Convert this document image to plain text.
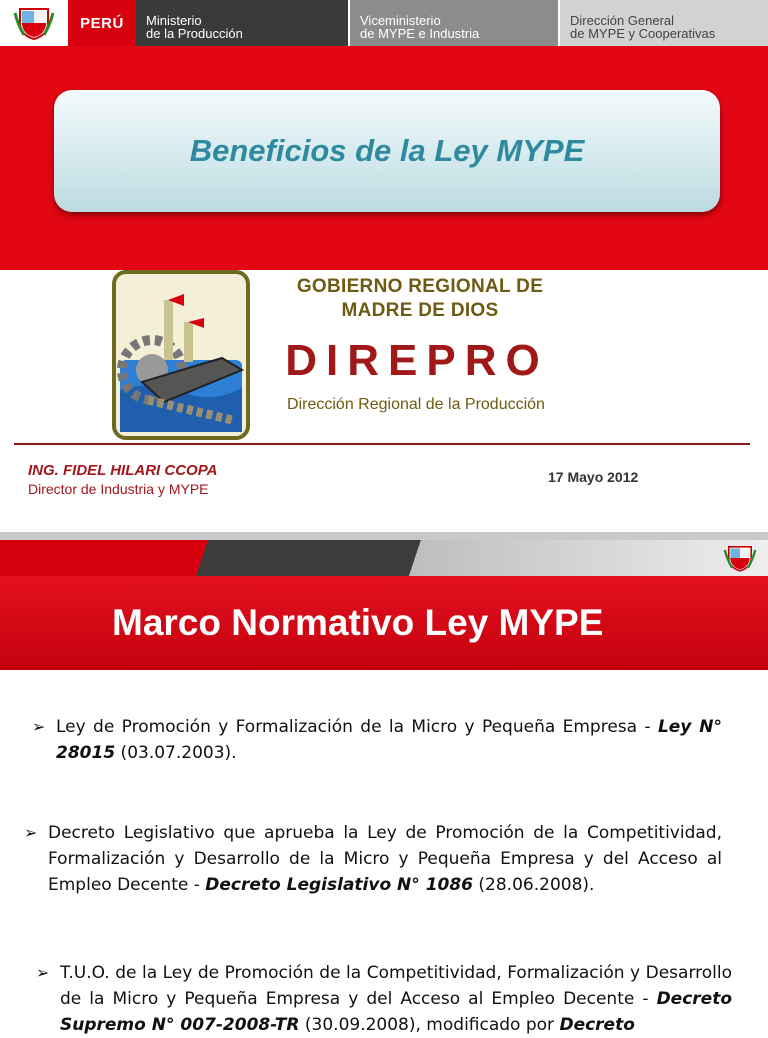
PERÚ	Ministerio
de la Producción
Viceministerio
de MYPE e Industria
Dirección General
de MYPE y Cooperativas
Beneficios de la Ley MYPE
GOBIERNO REGIONAL DE
MADRE DE DIOS
DIREPRO
Dirección Regional de la Producción
ING. FIDEL HILARI CCOPA
Director de Industria y MYPE
17 Mayo 2012
Marco Normativo Ley MYPE
➢ Ley de Promoción y Formalización de la Micro y Pequeña Empresa - Ley N° 28015 (03.07.2003).
➢ Decreto Legislativo que aprueba la Ley de Promoción de la Competitividad, Formalización y Desarrollo de la Micro y Pequeña Empresa y del Acceso al Empleo Decente - Decreto Legislativo N° 1086 (28.06.2008).
➢ T.U.O. de la Ley de Promoción de la Competitividad, Formalización y Desarrollo de la Micro y Pequeña Empresa y del Acceso al Empleo Decente - Decreto Supremo N° 007-2008-TR (30.09.2008), modificado por Decreto
